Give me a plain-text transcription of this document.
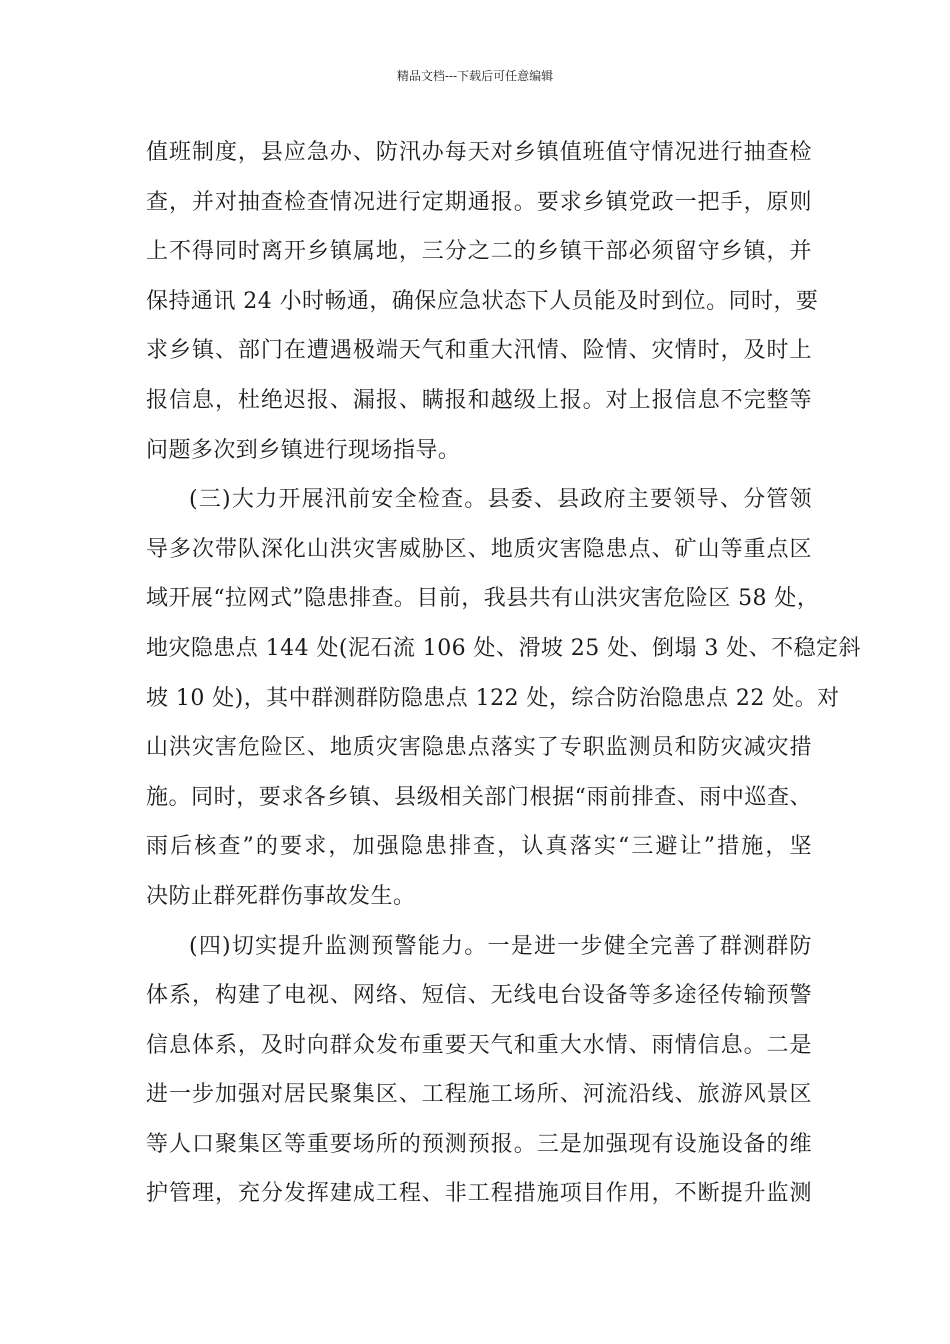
精品文档---下载后可任意编辑
值班制度，县应急办、防汛办每天对乡镇值班值守情况进行抽查检
查，并对抽查检查情况进行定期通报。要求乡镇党政一把手，原则
上不得同时离开乡镇属地，三分之二的乡镇干部必须留守乡镇，并
保持通讯 24 小时畅通，确保应急状态下人员能及时到位。同时，要
求乡镇、部门在遭遇极端天气和重大汛情、险情、灾情时，及时上
报信息，杜绝迟报、漏报、瞒报和越级上报。对上报信息不完整等
问题多次到乡镇进行现场指导。
(三)大力开展汛前安全检查。县委、县政府主要领导、分管领
导多次带队深化山洪灾害威胁区、地质灾害隐患点、矿山等重点区
域开展“拉网式”隐患排查。目前，我县共有山洪灾害危险区 58 处，
地灾隐患点 144 处(泥石流 106 处、滑坡 25 处、倒塌 3 处、不稳定斜
坡 10 处)，其中群测群防隐患点 122 处，综合防治隐患点 22 处。对
山洪灾害危险区、地质灾害隐患点落实了专职监测员和防灾减灾措
施。同时，要求各乡镇、县级相关部门根据“雨前排查、雨中巡查、
雨后核查”的要求，加强隐患排查，认真落实“三避让”措施，坚
决防止群死群伤事故发生。
(四)切实提升监测预警能力。一是进一步健全完善了群测群防
体系，构建了电视、网络、短信、无线电台设备等多途径传输预警
信息体系，及时向群众发布重要天气和重大水情、雨情信息。二是
进一步加强对居民聚集区、工程施工场所、河流沿线、旅游风景区
等人口聚集区等重要场所的预测预报。三是加强现有设施设备的维
护管理，充分发挥建成工程、非工程措施项目作用，不断提升监测
